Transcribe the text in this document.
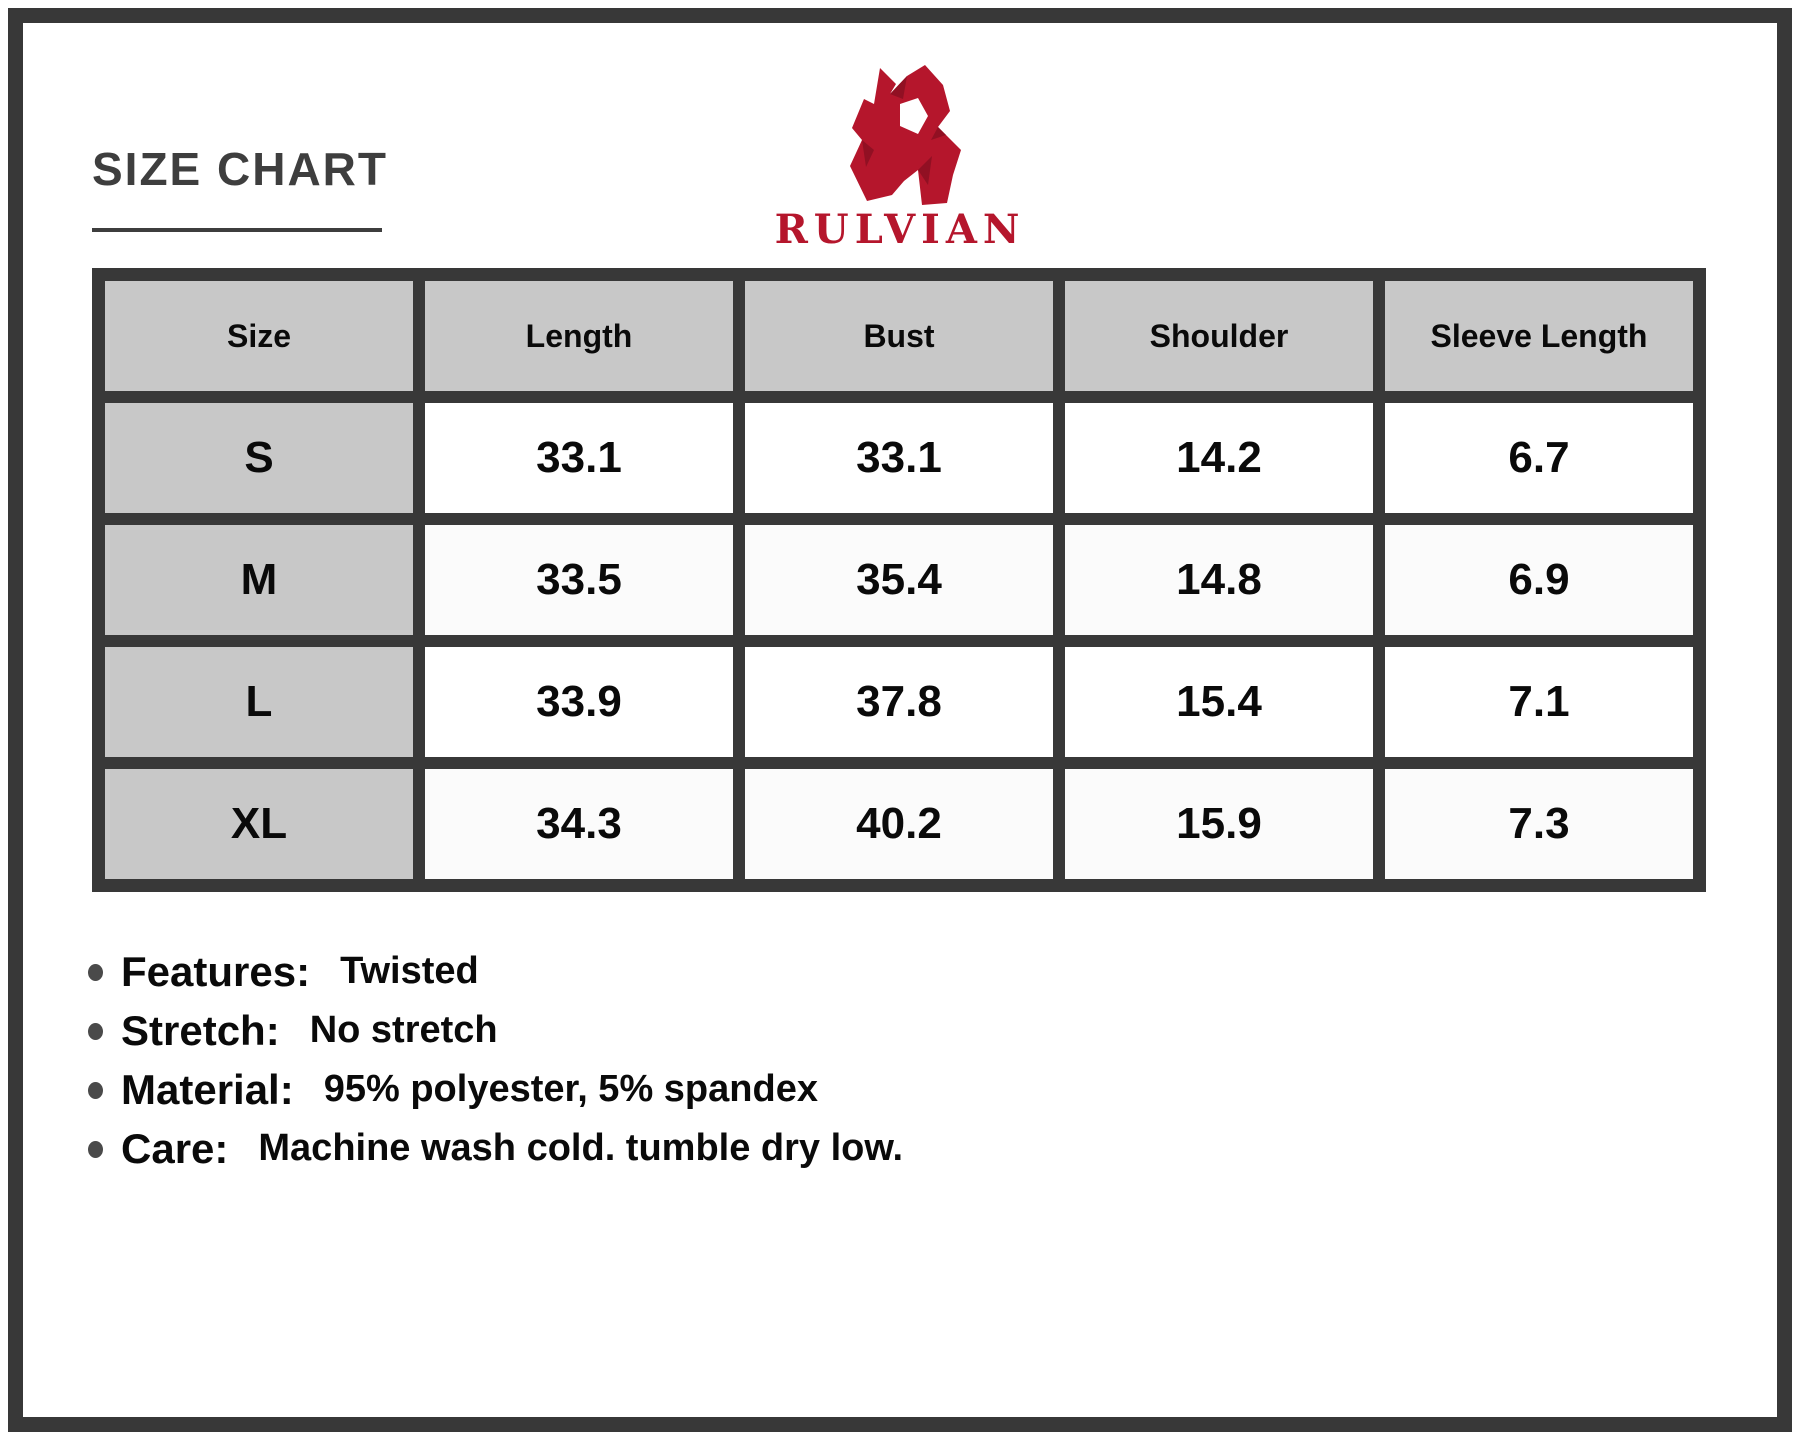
SIZE CHART
RULVIAN
Size	Length	Bust	Shoulder	Sleeve Length
S	33.1	33.1	14.2	6.7
M	33.5	35.4	14.8	6.9
L	33.9	37.8	15.4	7.1
XL	34.3	40.2	15.9	7.3
Features: Twisted
Stretch: No stretch
Material: 95% polyester, 5% spandex
Care: Machine wash cold. tumble dry low.
